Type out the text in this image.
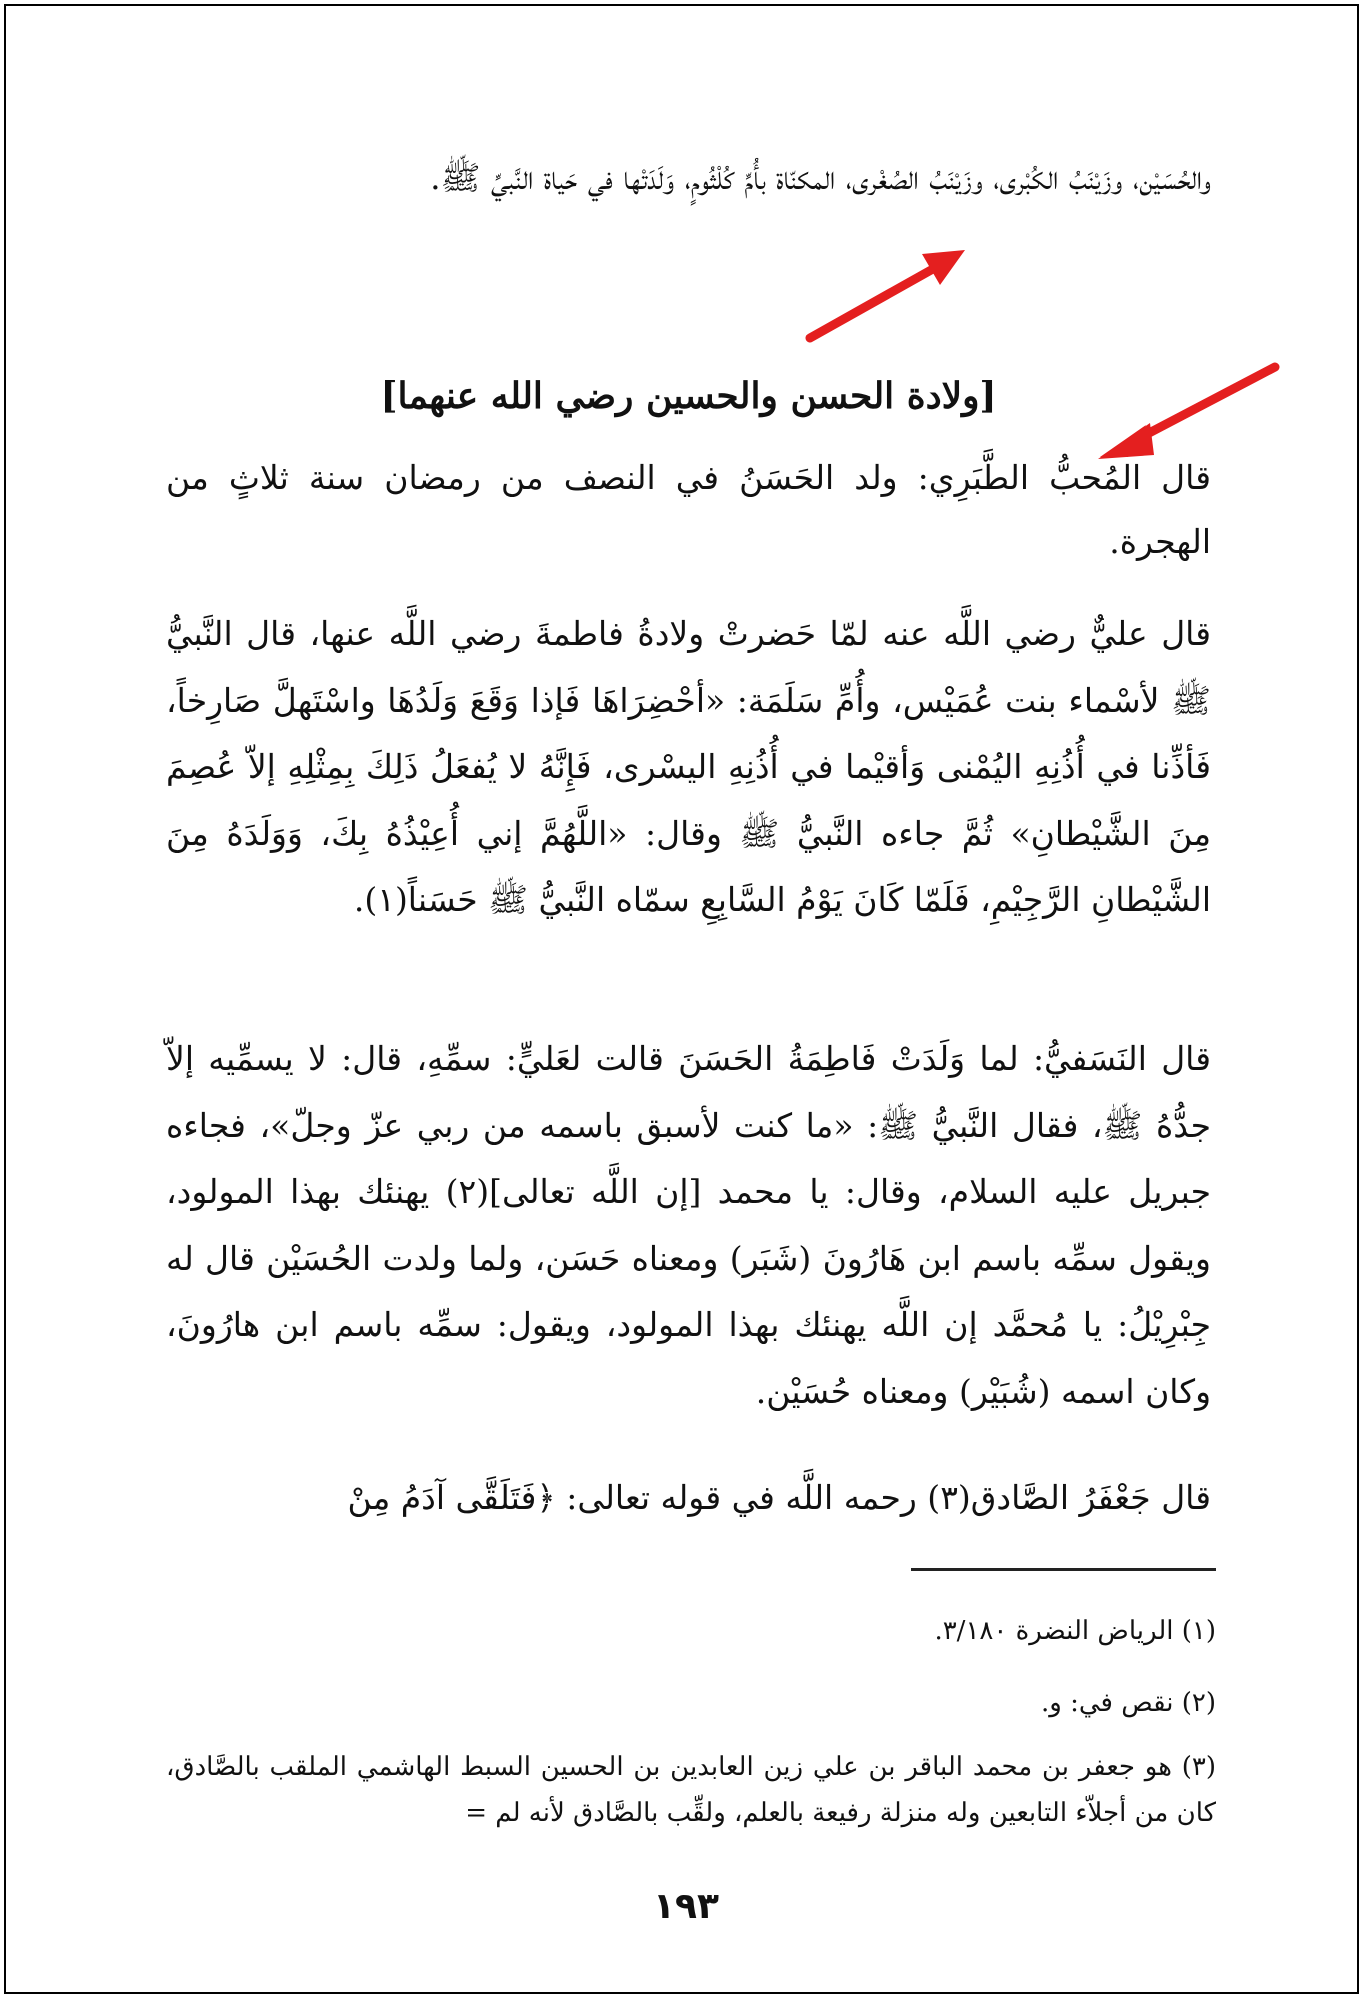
والحُسَيْن، وزَيْنَبُ الكُبْرى، وزَيْنَبُ الصُغْرى، المكنّاة بأُمِّ كُلْثُومٍ، وَلَدَتْها في حَياة النَّبيِّ ﷺ.

[ولادة الحسن والحسين رضي الله عنهما]

قال المُحبُّ الطَّبَرِي: ولد الحَسَنُ في النصف من رمضان سنة ثلاثٍ من الهجرة.

قال عليٌّ رضي اللَّه عنه لمّا حَضرتْ ولادةُ فاطمةَ رضي اللَّه عنها، قال النَّبيُّ ﷺ لأسْماء بنت عُمَيْس، وأُمِّ سَلَمَة: «أحْضِرَاهَا فَإذا وَقَعَ وَلَدُهَا واسْتَهلَّ صَارِخاً، فَأذِّنا في أُذُنِهِ اليُمْنى وَأقيْما في أُذُنِهِ اليسْرى، فَإِنَّهُ لا يُفعَلُ ذَلِكَ بِمِثْلِهِ إلاّ عُصِمَ مِنَ الشَّيْطانِ» ثُمَّ جاءه النَّبيُّ ﷺ وقال: «اللَّهُمَّ إني أُعِيْذُهُ بِكَ، وَوَلَدَهُ مِنَ الشَّيْطانِ الرَّجِيْمِ، فَلَمّا كَانَ يَوْمُ السَّابِعِ سمّاه النَّبيُّ ﷺ حَسَناً(١).

قال النَسَفيُّ: لما وَلَدَتْ فَاطِمَةُ الحَسَنَ قالت لعَليٍّ: سمِّهِ، قال: لا يسمِّيه إلاّ جدُّهُ ﷺ، فقال النَّبيُّ ﷺ: «ما كنت لأسبق باسمه من ربي عزّ وجلّ»، فجاءه جبريل عليه السلام، وقال: يا محمد [إن اللَّه تعالى](٢) يهنئك بهذا المولود، ويقول سمِّه باسم ابن هَارُونَ (شَبَر) ومعناه حَسَن، ولما ولدت الحُسَيْن قال له جِبْرِيْلُ: يا مُحمَّد إن اللَّه يهنئك بهذا المولود، ويقول: سمِّه باسم ابن هارُونَ، وكان اسمه (شُبَيْر) ومعناه حُسَيْن.

قال جَعْفَرُ الصَّادق(٣) رحمه اللَّه في قوله تعالى: ﴿فَتَلَقَّى آدَمُ مِنْ

(١) الرياض النضرة ٣/١٨٠.
(٢) نقص في: و.
(٣) هو جعفر بن محمد الباقر بن علي زين العابدين بن الحسين السبط الهاشمي الملقب بالصَّادق، كان من أجلاّء التابعين وله منزلة رفيعة بالعلم، ولقِّب بالصَّادق لأنه لم =
١٩٣
